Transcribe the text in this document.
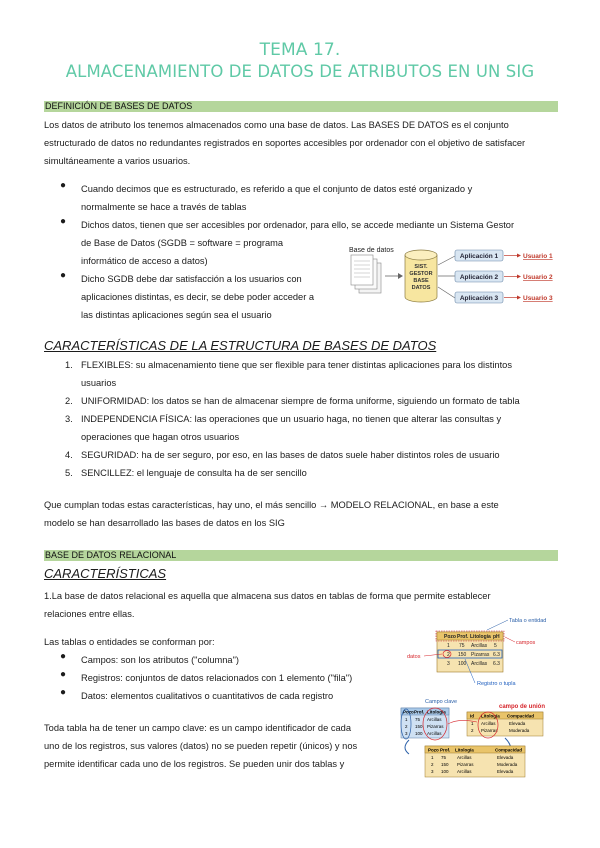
TEMA 17.
ALMACENAMIENTO DE DATOS DE ATRIBUTOS EN UN SIG
DEFINICIÓN DE BASES DE DATOS
Los datos de atributo los tenemos almacenados como una base de datos. Las BASES DE DATOS es el conjunto estructurado de datos no redundantes registrados en soportes accesibles por ordenador con el objetivo de satisfacer simultáneamente a varios usuarios.
● Cuando decimos que es estructurado, es referido a que el conjunto de datos esté organizado y
normalmente se hace a través de tablas
● Dichos datos, tienen que ser accesibles por ordenador, para ello, se accede mediante un Sistema Gestor
de Base de Datos (SGDB = software = programa
informático de acceso a datos)
● Dicho SGDB debe dar satisfacción a los usuarios con
aplicaciones distintas, es decir, se debe poder acceder a
las distintas aplicaciones según sea el usuario
Base de datos
SIST.
GESTOR
BASE
DATOS
Aplicación 1
Aplicación 2
Aplicación 3
Usuario 1
Usuario 2
Usuario 3
CARACTERÍSTICAS DE LA ESTRUCTURA DE BASES DE DATOS
1. FLEXIBLES: su almacenamiento tiene que ser flexible para tener distintas aplicaciones para los distintos
usuarios
2. UNIFORMIDAD: los datos se han de almacenar siempre de forma uniforme, siguiendo un formato de tabla
3. INDEPENDENCIA FÍSICA: las operaciones que un usuario haga, no tienen que alterar las consultas y
operaciones que hagan otros usuarios
4. SEGURIDAD: ha de ser seguro, por eso, en las bases de datos suele haber distintos roles de usuario
5. SENCILLEZ: el lenguaje de consulta ha de ser sencillo
Que cumplan todas estas características, hay uno, el más sencillo → MODELO RELACIONAL, en base a este
modelo se han desarrollado las bases de datos en los SIG
BASE DE DATOS RELACIONAL
CARACTERÍSTICAS
1.La base de datos relacional es aquella que almacena sus datos en tablas de forma que permite establecer
relaciones entre ellas.
Las tablas o entidades se conforman por:
● Campos: son los atributos ("columna")
● Registros: conjuntos de datos relacionados con 1 elemento ("fila")
● Datos: elementos cualitativos o cuantitativos de cada registro
Toda tabla ha de tener un campo clave: es un campo identificador de cada
uno de los registros, sus valores (datos) no se pueden repetir (únicos) y nos
permite identificar cada uno de los registros. Se pueden unir dos tablas y
Tabla o entidad
Pozo Prof. Litología pH
1 75 Arcillas 5
2 150 Pizarras 6.3
3 100 Arcillas 6.3
campos
datos
Registro o tupla
Campo clave
campo de unión
Pozo Prof. Litología
1 75 Arcillas
2 150 Pizarras
3 100 Arcillas
Id Litología Compacidad
1 Arcillas	Elevada
2 Pizarras	Moderada
Pozo Prof. Litología	Compacidad
1 75 Arcillas	Elevada
2 150 Pizarras	Moderada
3 100 Arcillas	Elevada
